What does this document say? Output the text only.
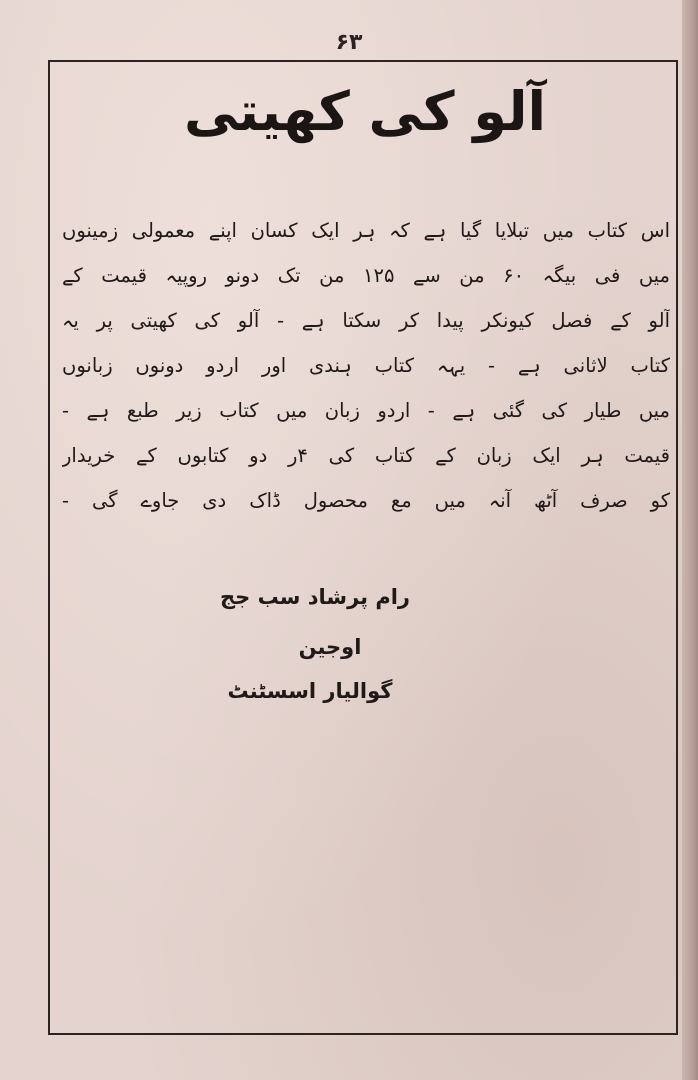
۶۳
آلو کی کھیتی
اس کتاب میں تبلایا گیا ہے کہ ہر ایک کسان اپنے معمولی زمینوں
میں فی بیگہ ۶۰ من سے ۱۲۵ من تک دونو روپیہ قیمت کے
آلو کے فصل کیونکر پیدا کر سکتا ہے - آلو کی کھیتی پر یہ
کتاب لاثانی ہے - یہہ کتاب ہندی اور اردو دونوں زبانوں
میں طیار کی گئی ہے - اردو زبان میں کتاب زیر طبع ہے -
قیمت ہر ایک زبان کے کتاب کی ۴ر دو کتابوں کے خریدار
کو صرف آٹھ آنہ میں مع محصول ڈاک دی جاوے گی -
رام پرشاد سب جج
اوجین
گوالیار اسسٹنٹ
